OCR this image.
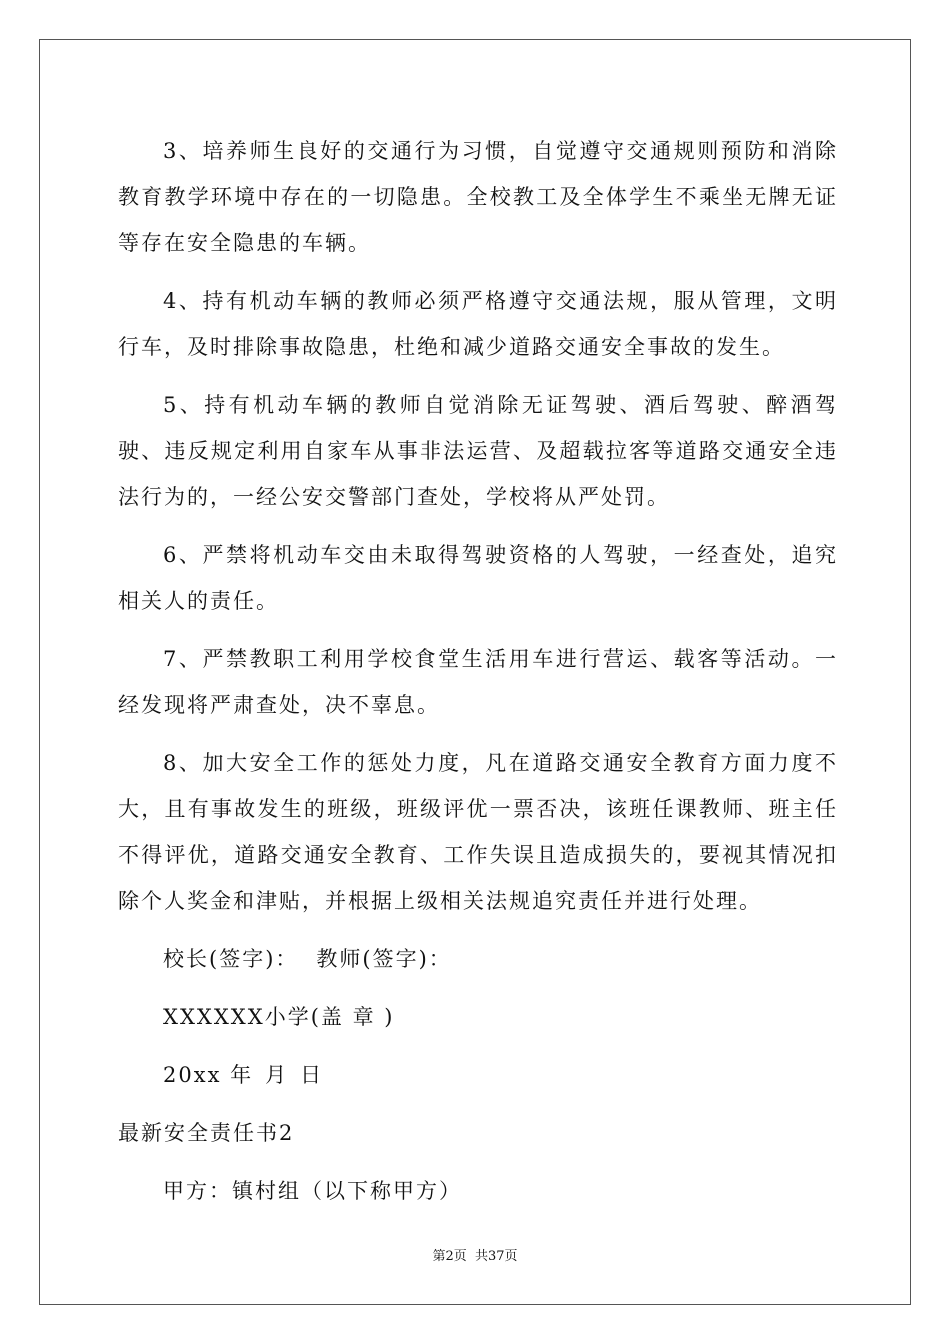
3、培养师生良好的交通行为习惯，自觉遵守交通规则预防和消除教育教学环境中存在的一切隐患。全校教工及全体学生不乘坐无牌无证等存在安全隐患的车辆。

4、持有机动车辆的教师必须严格遵守交通法规，服从管理，文明行车，及时排除事故隐患，杜绝和减少道路交通安全事故的发生。

5、持有机动车辆的教师自觉消除无证驾驶、酒后驾驶、醉酒驾驶、违反规定利用自家车从事非法运营、及超载拉客等道路交通安全违法行为的，一经公安交警部门查处，学校将从严处罚。

6、严禁将机动车交由未取得驾驶资格的人驾驶，一经查处，追究相关人的责任。

7、严禁教职工利用学校食堂生活用车进行营运、载客等活动。一经发现将严肃查处，决不辜息。

8、加大安全工作的惩处力度，凡在道路交通安全教育方面力度不大，且有事故发生的班级，班级评优一票否决，该班任课教师、班主任不得评优，道路交通安全教育、工作失误且造成损失的，要视其情况扣除个人奖金和津贴，并根据上级相关法规追究责任并进行处理。

校长(签字)： 教师(签字)：

XXXXXX小学(盖 章 )

20xx 年 月 日

最新安全责任书2

甲方：镇村组（以下称甲方）

第2页 共37页
